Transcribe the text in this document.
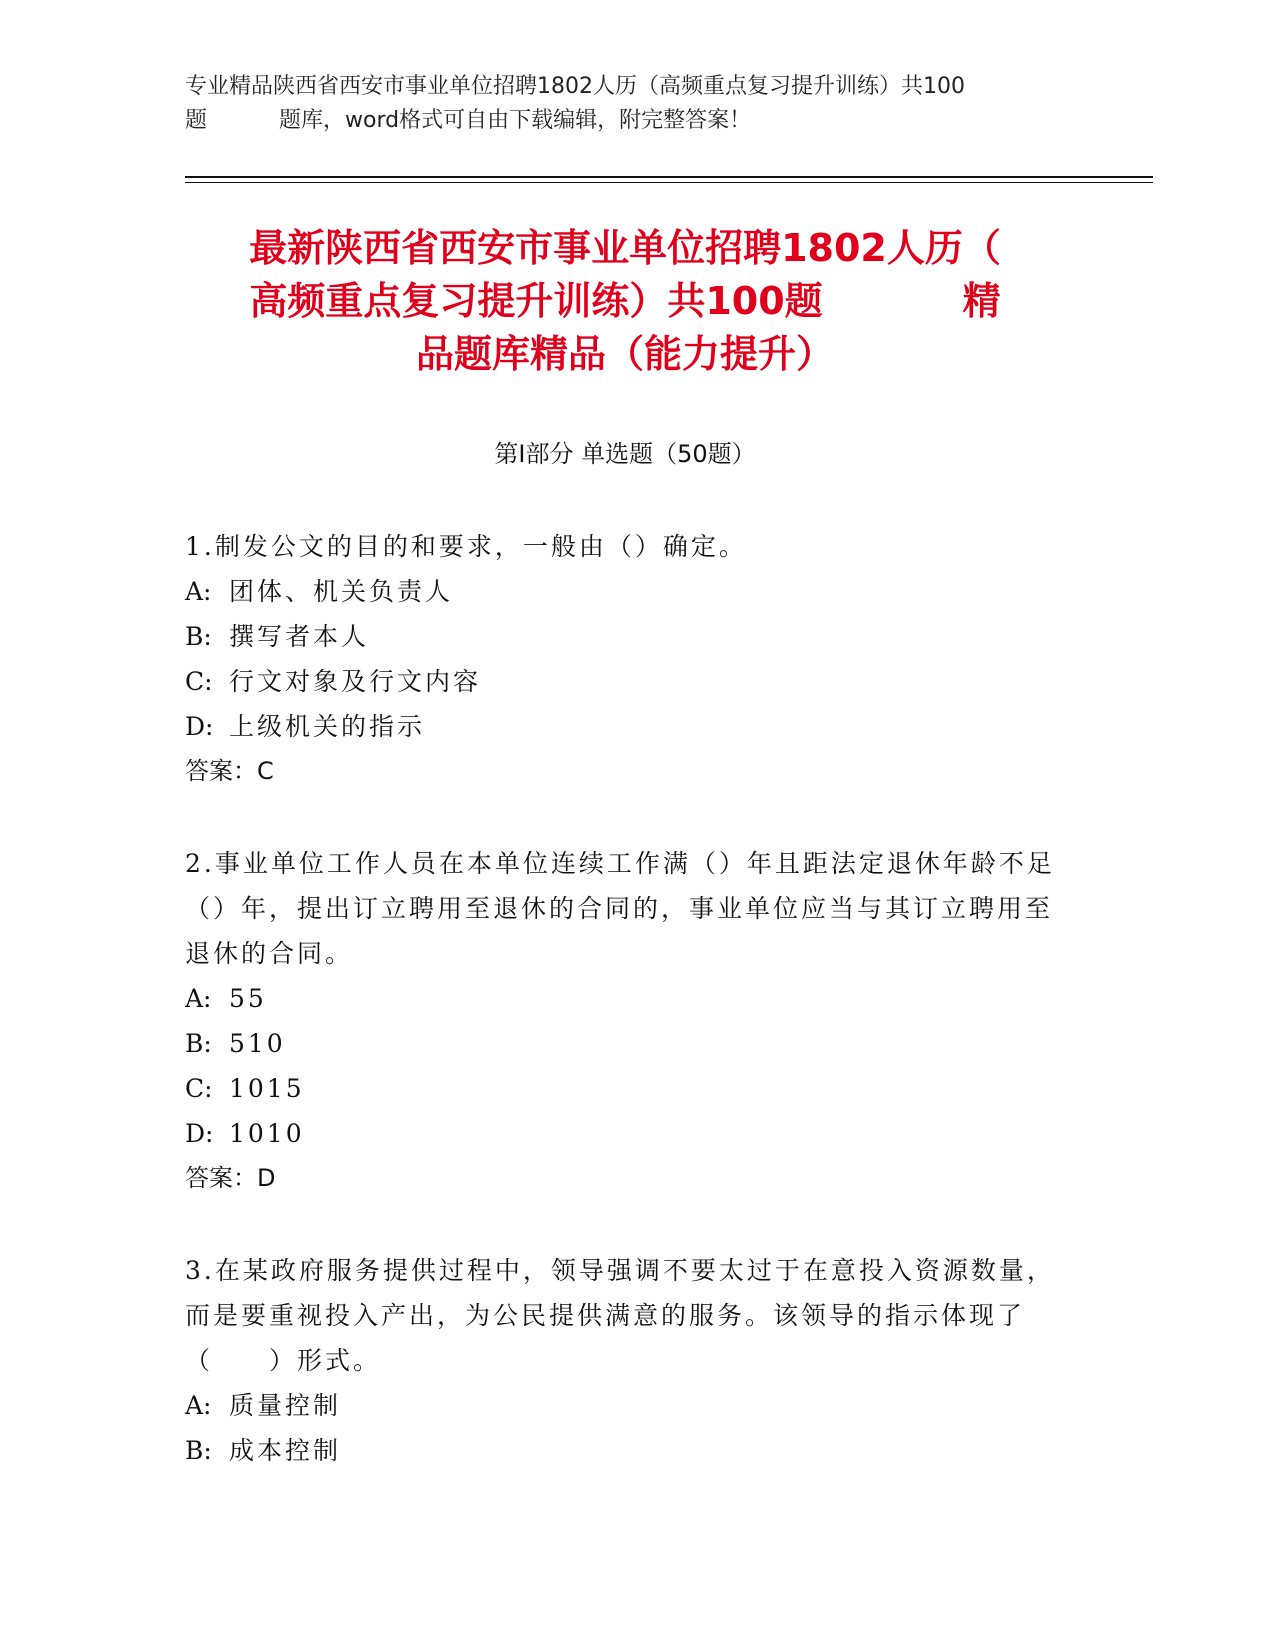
专业精品陕西省西安市事业单位招聘1802人历（高频重点复习提升训练）共100
题	题库，word格式可自由下载编辑，附完整答案！
最新陕西省西安市事业单位招聘1802人历（
高频重点复习提升训练）共100题	精
品题库精品（能力提升）
第Ⅰ部分 单选题（50题）
1.制发公文的目的和要求，一般由（）确定。
A: 团体、机关负责人
B: 撰写者本人
C: 行文对象及行文内容
D: 上级机关的指示
答案：C
2.事业单位工作人员在本单位连续工作满（）年且距法定退休年龄不足（）年，提出订立聘用至退休的合同的，事业单位应当与其订立聘用至退休的合同。
A: 55
B: 510
C: 1015
D: 1010
答案：D
3.在某政府服务提供过程中，领导强调不要太过于在意投入资源数量，而是要重视投入产出，为公民提供满意的服务。该领导的指示体现了（　　）形式。
A: 质量控制
B: 成本控制
